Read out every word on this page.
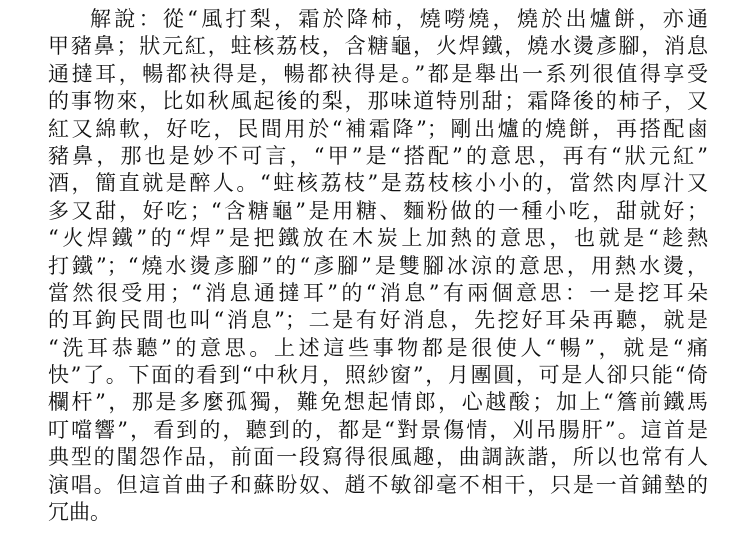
解說：從“風打梨，霜於降柿，燒嘮燒，燒於出爐餅，亦通
甲豬鼻；狀元紅，蛀核荔枝，含糖龜，火焊鐵，燒水燙彥腳，消息
通撻耳，暢都袂得是，暢都袂得是。”都是舉出一系列很值得享受
的事物來，比如秋風起後的梨，那味道特別甜；霜降後的柿子，又
紅又綿軟，好吃，民間用於“補霜降”；剛出爐的燒餅，再搭配鹵
豬鼻，那也是妙不可言，“甲”是“搭配”的意思，再有“狀元紅”
酒，簡直就是醉人。“蛀核荔枝”是荔枝核小小的，當然肉厚汁又
多又甜，好吃；“含糖龜”是用糖、麵粉做的一種小吃，甜就好；
“火焊鐵”的“焊”是把鐵放在木炭上加熱的意思，也就是“趁熱
打鐵”；“燒水燙彥腳”的“彥腳”是雙腳冰涼的意思，用熱水燙，
當然很受用；“消息通撻耳”的“消息”有兩個意思：一是挖耳朵
的耳鉤民間也叫“消息”；二是有好消息，先挖好耳朵再聽，就是
“洗耳恭聽”的意思。上述這些事物都是很使人“暢”，就是“痛
快”了。下面的看到“中秋月，照紗窗”，月團圓，可是人卻只能“倚
欄杆”，那是多麼孤獨，難免想起情郎，心越酸；加上“簷前鐵馬
叮噹響”，看到的，聽到的，都是“對景傷情，刈吊腸肝”。這首是
典型的閨怨作品，前面一段寫得很風趣，曲調詼諧，所以也常有人
演唱。但這首曲子和蘇盼奴、趙不敏卻毫不相干，只是一首鋪墊的
冗曲。
